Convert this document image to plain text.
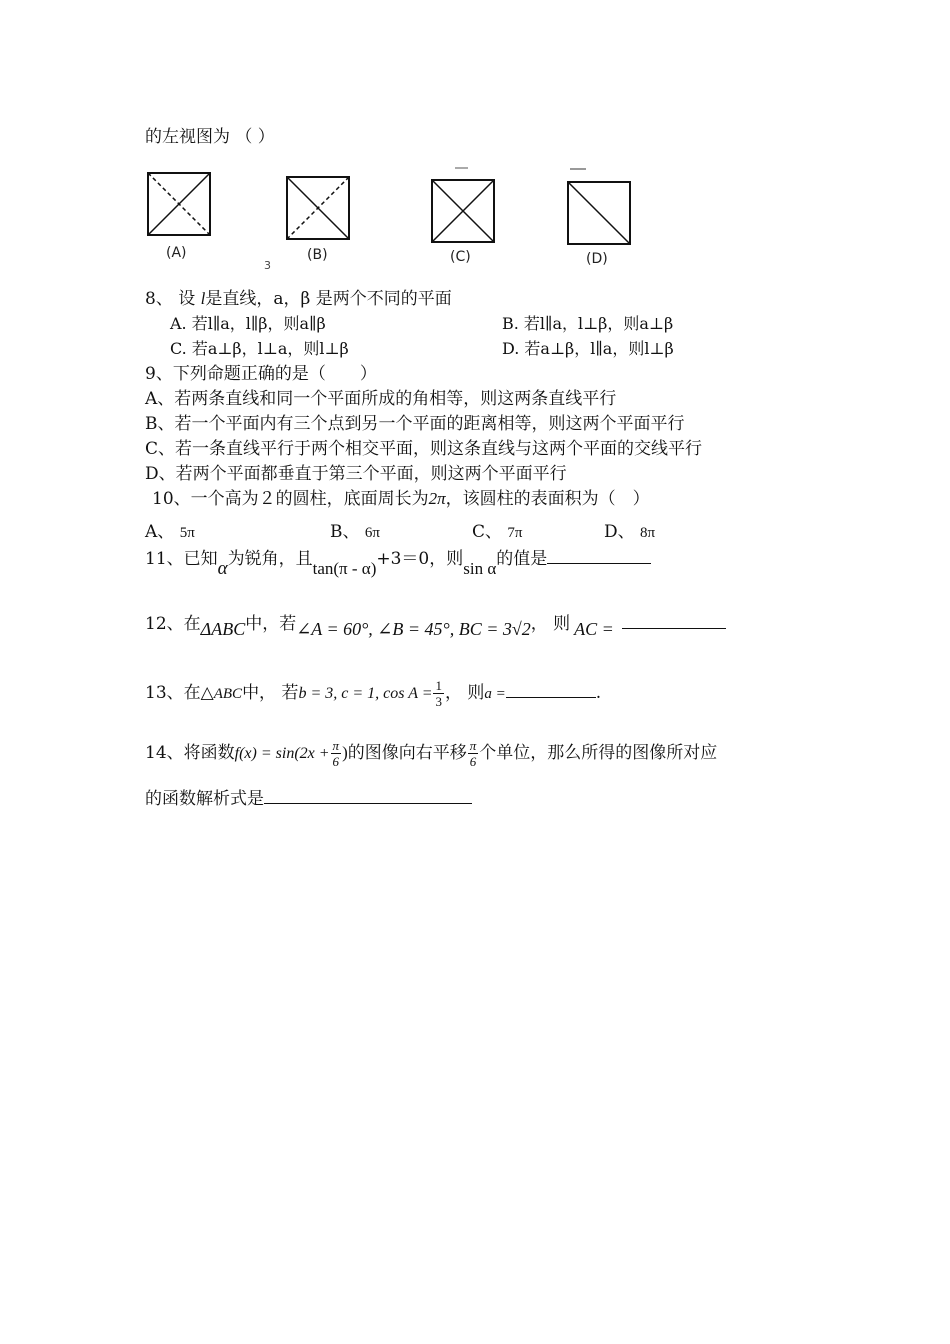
的左视图为 （ ）
(A)	(B)	(C)	(D)
3
8、 设 l是直线，a，β 是两个不同的平面
A. 若l∥a，l∥β，则a∥β	B. 若l∥a，l⊥β，则a⊥β
C. 若a⊥β，l⊥a，则l⊥β	D. 若a⊥β，l∥a，则l⊥β
9、下列命题正确的是（　　）
A、若两条直线和同一个平面所成的角相等，则这两条直线平行
B、若一个平面内有三个点到另一个平面的距离相等，则这两个平面平行
C、若一条直线平行于两个相交平面，则这条直线与这两个平面的交线平行
D、若两个平面都垂直于第三个平面，则这两个平面平行
10、一个高为２的圆柱，底面周长为2π，该圆柱的表面积为（　）
A、 5π	B、 6π	C、 7π	D、 8π
11、已知α为锐角，且tan(π - α)+3＝0，则sin α的值是
12、在ΔABC中，若∠A = 60°, ∠B = 45°, BC = 3√2， 则 AC =
13、在△ABC中， 若b = 3, c = 1, $\cos A = \frac{1}{3}$ ， 则a =	.
14、将函数$f(x) = \sin(2x + \frac{\pi}{6}$ )的图像向右平移 $\frac{\pi}{6}$ 个单位，那么所得的图像所对应
的函数解析式是
